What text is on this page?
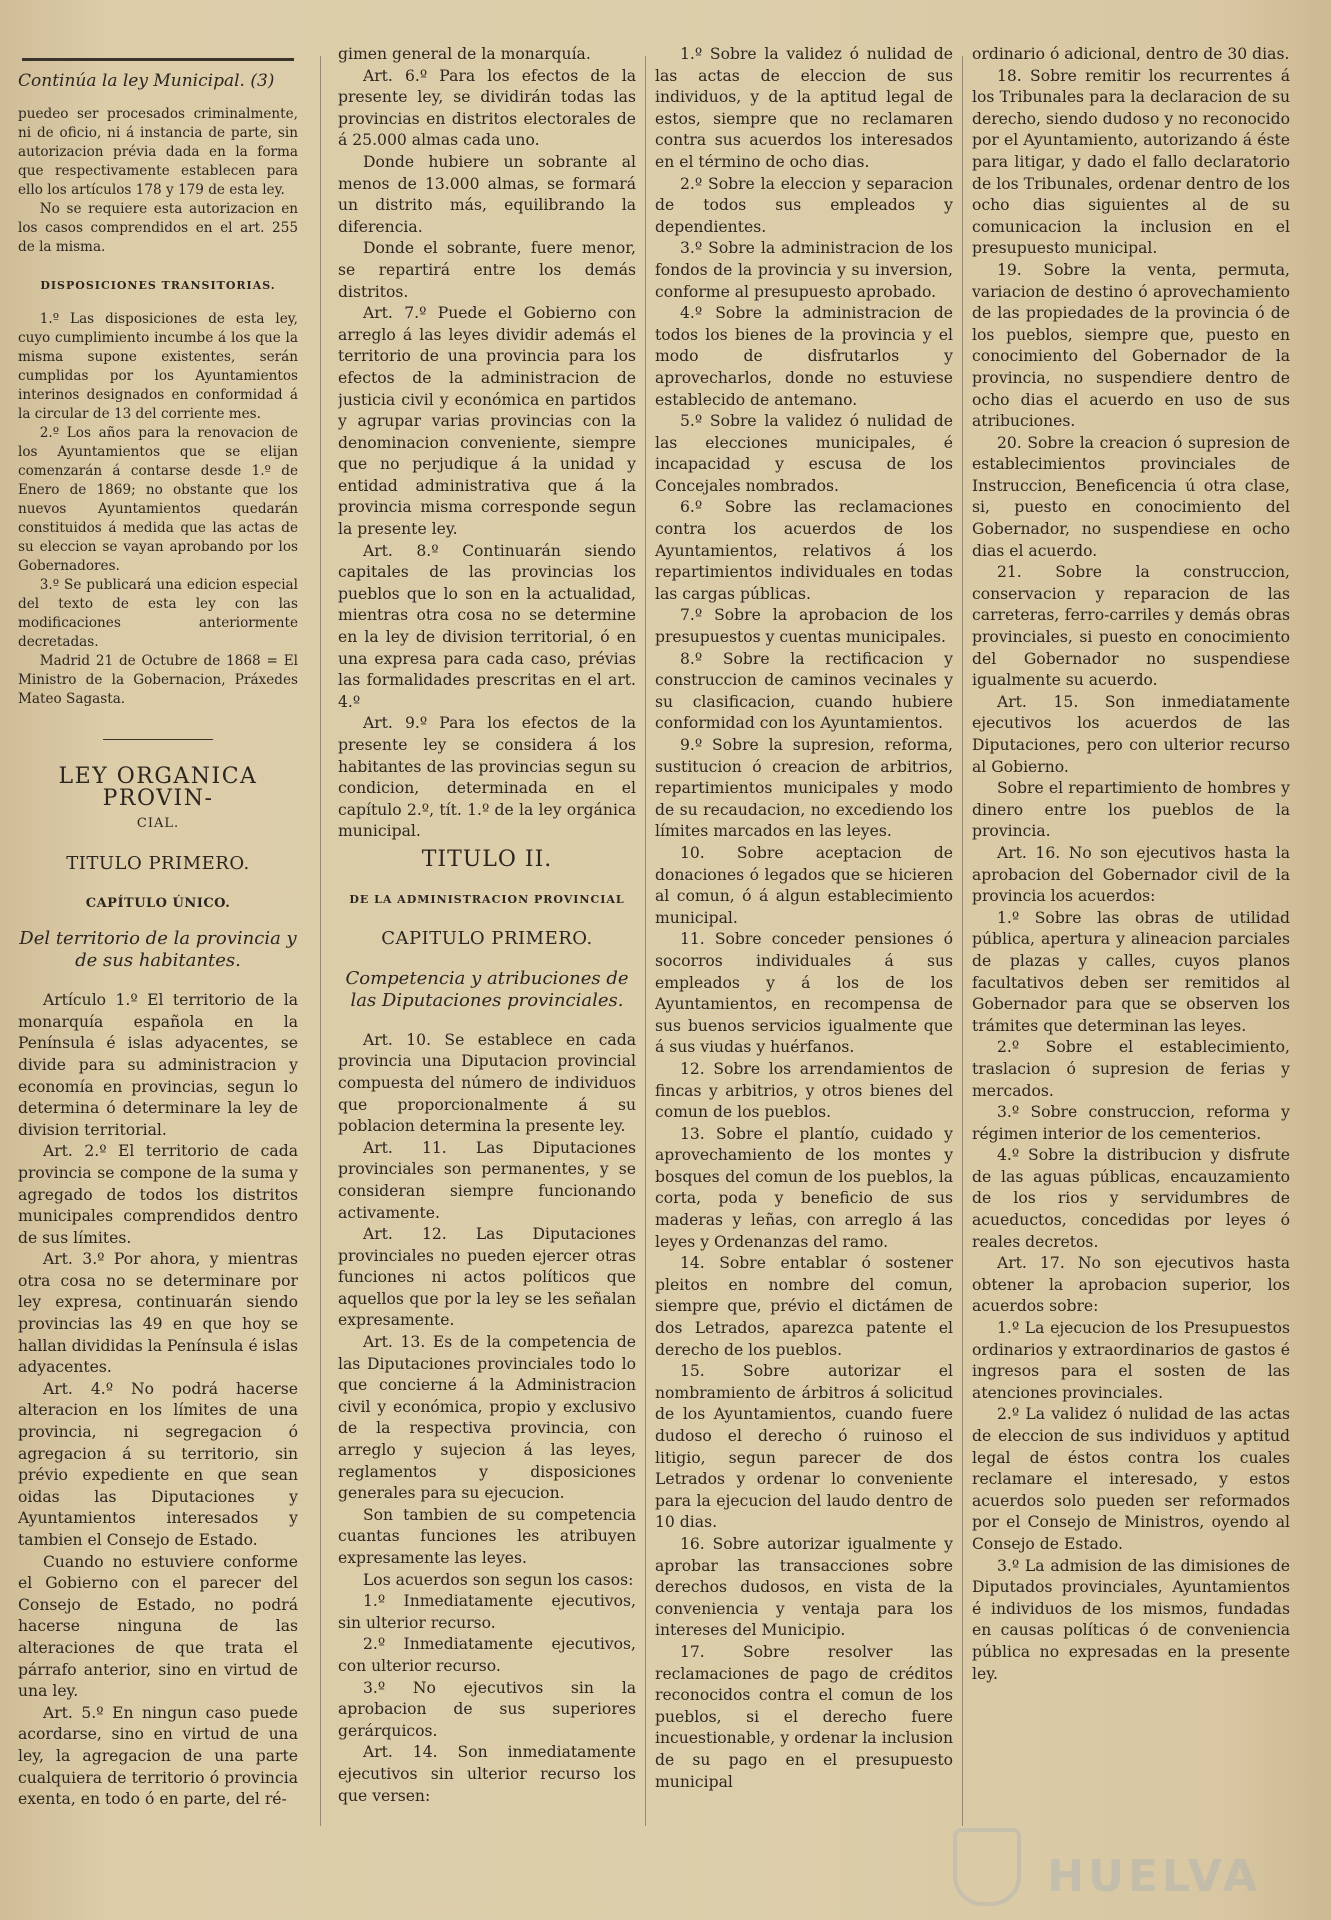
Continúa la ley Municipal. (3)

puedeo ser procesados criminalmente, ni de oficio, ni á instancia de parte, sin autorizacion prévia dada en la forma que respectivamente establecen para ello los artículos 178 y 179 de esta ley.

No se requiere esta autorizacion en los casos comprendidos en el art. 255 de la misma.

DISPOSICIONES TRANSITORIAS.

1.º Las disposiciones de esta ley, cuyo cumplimiento incumbe á los que la misma supone existentes, serán cumplidas por los Ayuntamientos interinos designados en conformidad á la circular de 13 del corriente mes.

2.º Los años para la renovacion de los Ayuntamientos que se elijan comenzarán á contarse desde 1.º de Enero de 1869; no obstante que los nuevos Ayuntamientos quedarán constituidos á medida que las actas de su eleccion se vayan aprobando por los Gobernadores.

3.º Se publicará una edicion especial del texto de esta ley con las modificaciones anteriormente decretadas.

Madrid 21 de Octubre de 1868 = El Ministro de la Gobernacion, Práxedes Mateo Sagasta.

LEY ORGANICA PROVIN-

CIAL.

TITULO PRIMERO.

CAPÍTULO ÚNICO.

Del territorio de la provincia y de sus habitantes.

Artículo 1.º El territorio de la monarquía española en la Península é islas adyacentes, se divide para su administracion y economía en provincias, segun lo determina ó determinare la ley de division territorial.

Art. 2.º El territorio de cada provincia se compone de la suma y agregado de todos los distritos municipales comprendidos dentro de sus límites.

Art. 3.º Por ahora, y mientras otra cosa no se determinare por ley expresa, continuarán siendo provincias las 49 en que hoy se hallan divididas la Península é islas adyacentes.

Art. 4.º No podrá hacerse alteracion en los límites de una provincia, ni segregacion ó agregacion á su territorio, sin prévio expediente en que sean oidas las Diputaciones y Ayuntamientos interesados y tambien el Consejo de Estado.

Cuando no estuviere conforme el Gobierno con el parecer del Consejo de Estado, no podrá hacerse ninguna de las alteraciones de que trata el párrafo anterior, sino en virtud de una ley.

Art. 5.º En ningun caso puede acordarse, sino en virtud de una ley, la agregacion de una parte cualquiera de territorio ó provincia exenta, en todo ó en parte, del ré-

gimen general de la monarquía.

Art. 6.º Para los efectos de la presente ley, se dividirán todas las provincias en distritos electorales de á 25.000 almas cada uno.

Donde hubiere un sobrante al menos de 13.000 almas, se formará un distrito más, equilibrando la diferencia.

Donde el sobrante, fuere menor, se repartirá entre los demás distritos.

Art. 7.º Puede el Gobierno con arreglo á las leyes dividir además el territorio de una provincia para los efectos de la administracion de justicia civil y económica en partidos y agrupar varias provincias con la denominacion conveniente, siempre que no perjudique á la unidad y entidad administrativa que á la provincia misma corresponde segun la presente ley.

Art. 8.º Continuarán siendo capitales de las provincias los pueblos que lo son en la actualidad, mientras otra cosa no se determine en la ley de division territorial, ó en una expresa para cada caso, prévias las formalidades prescritas en el art. 4.º

Art. 9.º Para los efectos de la presente ley se considera á los habitantes de las provincias segun su condicion, determinada en el capítulo 2.º, tít. 1.º de la ley orgánica municipal.

TITULO II.

DE LA ADMINISTRACION PROVINCIAL

CAPITULO PRIMERO.

Competencia y atribuciones de las Diputaciones provinciales.

Art. 10. Se establece en cada provincia una Diputacion provincial compuesta del número de individuos que proporcionalmente á su poblacion determina la presente ley.

Art. 11. Las Diputaciones provinciales son permanentes, y se consideran siempre funcionando activamente.

Art. 12. Las Diputaciones provinciales no pueden ejercer otras funciones ni actos políticos que aquellos que por la ley se les señalan expresamente.

Art. 13. Es de la competencia de las Diputaciones provinciales todo lo que concierne á la Administracion civil y económica, propio y exclusivo de la respectiva provincia, con arreglo y sujecion á las leyes, reglamentos y disposiciones generales para su ejecucion.

Son tambien de su competencia cuantas funciones les atribuyen expresamente las leyes.

Los acuerdos son segun los casos:

1.º Inmediatamente ejecutivos, sin ulterior recurso.

2.º Inmediatamente ejecutivos, con ulterior recurso.

3.º No ejecutivos sin la aprobacion de sus superiores gerárquicos.

Art. 14. Son inmediatamente ejecutivos sin ulterior recurso los que versen:

1.º Sobre la validez ó nulidad de las actas de eleccion de sus individuos, y de la aptitud legal de estos, siempre que no reclamaren contra sus acuerdos los interesados en el término de ocho dias.

2.º Sobre la eleccion y separacion de todos sus empleados y dependientes.

3.º Sobre la administracion de los fondos de la provincia y su inversion, conforme al presupuesto aprobado.

4.º Sobre la administracion de todos los bienes de la provincia y el modo de disfrutarlos y aprovecharlos, donde no estuviese establecido de antemano.

5.º Sobre la validez ó nulidad de las elecciones municipales, é incapacidad y escusa de los Concejales nombrados.

6.º Sobre las reclamaciones contra los acuerdos de los Ayuntamientos, relativos á los repartimientos individuales en todas las cargas públicas.

7.º Sobre la aprobacion de los presupuestos y cuentas municipales.

8.º Sobre la rectificacion y construccion de caminos vecinales y su clasificacion, cuando hubiere conformidad con los Ayuntamientos.

9.º Sobre la supresion, reforma, sustitucion ó creacion de arbitrios, repartimientos municipales y modo de su recaudacion, no excediendo los límites marcados en las leyes.

10. Sobre aceptacion de donaciones ó legados que se hicieren al comun, ó á algun establecimiento municipal.

11. Sobre conceder pensiones ó socorros individuales á sus empleados y á los de los Ayuntamientos, en recompensa de sus buenos servicios igualmente que á sus viudas y huérfanos.

12. Sobre los arrendamientos de fincas y arbitrios, y otros bienes del comun de los pueblos.

13. Sobre el plantío, cuidado y aprovechamiento de los montes y bosques del comun de los pueblos, la corta, poda y beneficio de sus maderas y leñas, con arreglo á las leyes y Ordenanzas del ramo.

14. Sobre entablar ó sostener pleitos en nombre del comun, siempre que, prévio el dictámen de dos Letrados, aparezca patente el derecho de los pueblos.

15. Sobre autorizar el nombramiento de árbitros á solicitud de los Ayuntamientos, cuando fuere dudoso el derecho ó ruinoso el litigio, segun parecer de dos Letrados y ordenar lo conveniente para la ejecucion del laudo dentro de 10 dias.

16. Sobre autorizar igualmente y aprobar las transacciones sobre derechos dudosos, en vista de la conveniencia y ventaja para los intereses del Municipio.

17. Sobre resolver las reclamaciones de pago de créditos reconocidos contra el comun de los pueblos, si el derecho fuere incuestionable, y ordenar la inclusion de su pago en el presupuesto municipal

ordinario ó adicional, dentro de 30 dias.

18. Sobre remitir los recurrentes á los Tribunales para la declaracion de su derecho, siendo dudoso y no reconocido por el Ayuntamiento, autorizando á éste para litigar, y dado el fallo declaratorio de los Tribunales, ordenar dentro de los ocho dias siguientes al de su comunicacion la inclusion en el presupuesto municipal.

19. Sobre la venta, permuta, variacion de destino ó aprovechamiento de las propiedades de la provincia ó de los pueblos, siempre que, puesto en conocimiento del Gobernador de la provincia, no suspendiere dentro de ocho dias el acuerdo en uso de sus atribuciones.

20. Sobre la creacion ó supresion de establecimientos provinciales de Instruccion, Beneficencia ú otra clase, si, puesto en conocimiento del Gobernador, no suspendiese en ocho dias el acuerdo.

21. Sobre la construccion, conservacion y reparacion de las carreteras, ferro-carriles y demás obras provinciales, si puesto en conocimiento del Gobernador no suspendiese igualmente su acuerdo.

Art. 15. Son inmediatamente ejecutivos los acuerdos de las Diputaciones, pero con ulterior recurso al Gobierno.

Sobre el repartimiento de hombres y dinero entre los pueblos de la provincia.

Art. 16. No son ejecutivos hasta la aprobacion del Gobernador civil de la provincia los acuerdos:

1.º Sobre las obras de utilidad pública, apertura y alineacion parciales de plazas y calles, cuyos planos facultativos deben ser remitidos al Gobernador para que se observen los trámites que determinan las leyes.

2.º Sobre el establecimiento, traslacion ó supresion de ferias y mercados.

3.º Sobre construccion, reforma y régimen interior de los cementerios.

4.º Sobre la distribucion y disfrute de las aguas públicas, encauzamiento de los rios y servidumbres de acueductos, concedidas por leyes ó reales decretos.

Art. 17. No son ejecutivos hasta obtener la aprobacion superior, los acuerdos sobre:

1.º La ejecucion de los Presupuestos ordinarios y extraordinarios de gastos é ingresos para el sosten de las atenciones provinciales.

2.º La validez ó nulidad de las actas de eleccion de sus individuos y aptitud legal de éstos contra los cuales reclamare el interesado, y estos acuerdos solo pueden ser reformados por el Consejo de Ministros, oyendo al Consejo de Estado.

3.º La admision de las dimisiones de Diputados provinciales, Ayuntamientos é individuos de los mismos, fundadas en causas políticas ó de conveniencia pública no expresadas en la presente ley.

HUELVA
